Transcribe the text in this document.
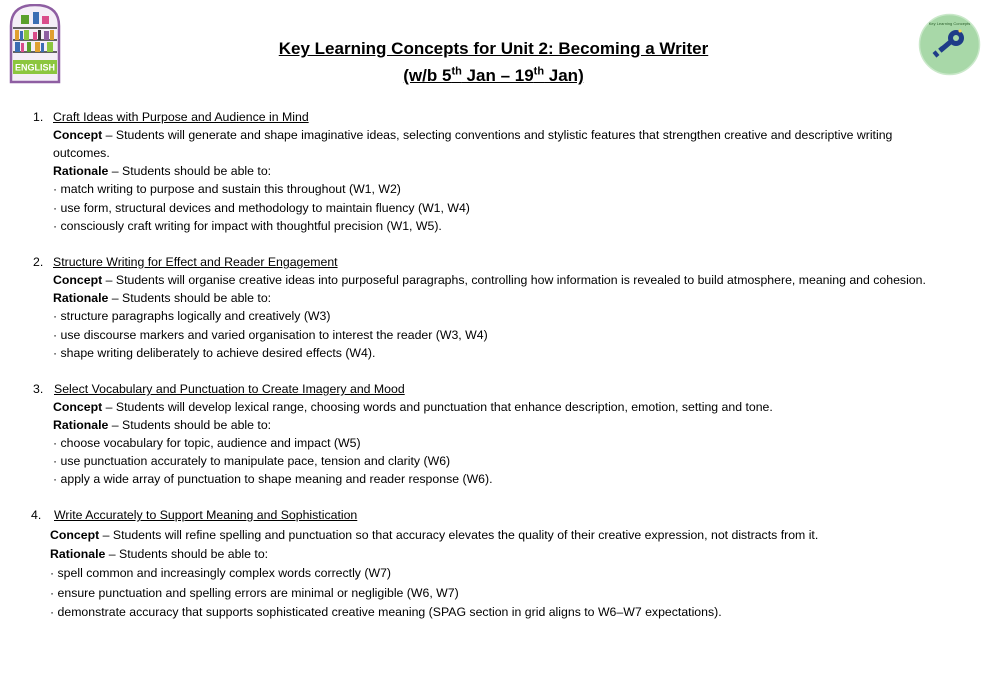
ENGLISH
Key Learning Concepts
Key Learning Concepts for Unit 2: Becoming a Writer
(w/b 5th Jan – 19th Jan)
1. Craft Ideas with Purpose and Audience in Mind
Concept – Students will generate and shape imaginative ideas, selecting conventions and stylistic features that strengthen creative and descriptive writing
outcomes.
Rationale – Students should be able to:
· match writing to purpose and sustain this throughout (W1, W2)
· use form, structural devices and methodology to maintain fluency (W1, W4)
· consciously craft writing for impact with thoughtful precision (W1, W5).
2. Structure Writing for Effect and Reader Engagement
Concept – Students will organise creative ideas into purposeful paragraphs, controlling how information is revealed to build atmosphere, meaning and cohesion.
Rationale – Students should be able to:
· structure paragraphs logically and creatively (W3)
· use discourse markers and varied organisation to interest the reader (W3, W4)
· shape writing deliberately to achieve desired effects (W4).
3. Select Vocabulary and Punctuation to Create Imagery and Mood
Concept – Students will develop lexical range, choosing words and punctuation that enhance description, emotion, setting and tone.
Rationale – Students should be able to:
· choose vocabulary for topic, audience and impact (W5)
· use punctuation accurately to manipulate pace, tension and clarity (W6)
· apply a wide array of punctuation to shape meaning and reader response (W6).
4. Write Accurately to Support Meaning and Sophistication
Concept – Students will refine spelling and punctuation so that accuracy elevates the quality of their creative expression, not distracts from it.
Rationale – Students should be able to:
· spell common and increasingly complex words correctly (W7)
· ensure punctuation and spelling errors are minimal or negligible (W6, W7)
· demonstrate accuracy that supports sophisticated creative meaning (SPAG section in grid aligns to W6–W7 expectations).
